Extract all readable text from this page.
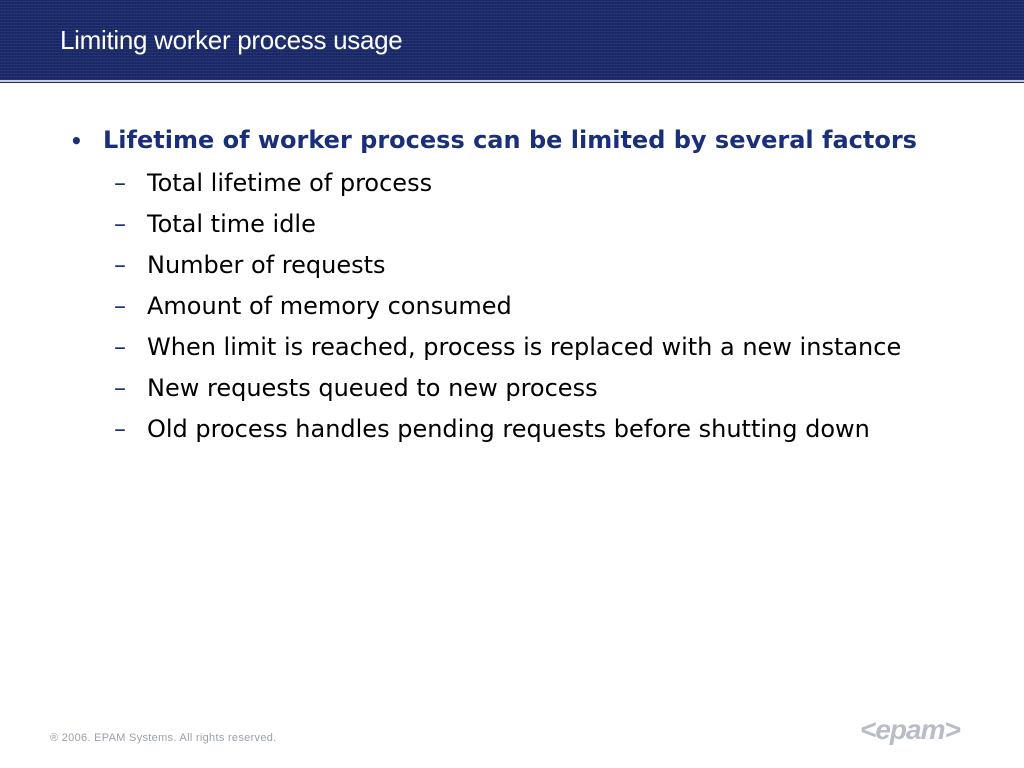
Limiting worker process usage
• Lifetime of worker process can be limited by several factors
– Total lifetime of process
– Total time idle
– Number of requests
– Amount of memory consumed
– When limit is reached, process is replaced with a new instance
– New requests queued to new process
– Old process handles pending requests before shutting down
® 2006. EPAM Systems. All rights reserved.	<epam>
